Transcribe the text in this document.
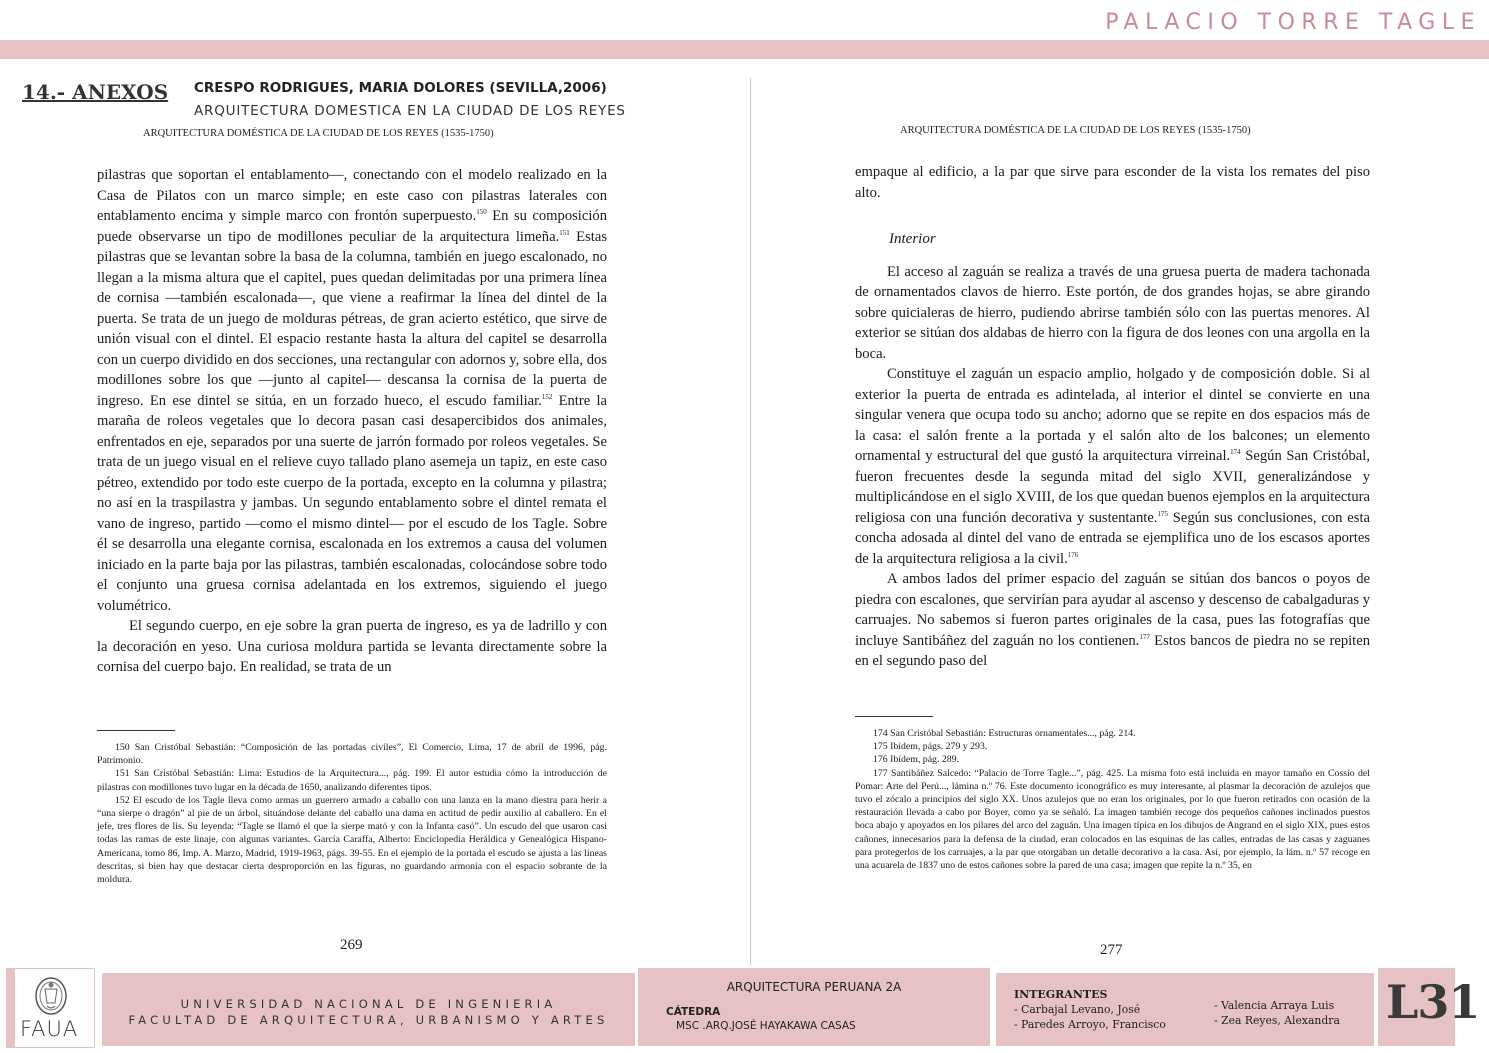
PALACIO TORRE TAGLE
14.- ANEXOS CRESPO RODRIGUES, MARIA DOLORES (SEVILLA,2006)
ARQUITECTURA DOMESTICA EN LA CIUDAD DE LOS REYES
ARQUITECTURA DOMÉSTICA DE LA CIUDAD DE LOS REYES (1535-1750)

pilastras que soportan el entablamento—, conectando con el modelo realizado en la Casa de Pilatos con un marco simple; en este caso con pilastras laterales con entablamento encima y simple marco con frontón superpuesto.$^{150}$ En su composición puede observarse un tipo de modillones peculiar de la arquitectura limeña.$^{151}$ Estas pilastras que se levantan sobre la basa de la columna, también en juego escalonado, no llegan a la misma altura que el capitel, pues quedan delimitadas por una primera línea de cornisa —también escalonada—, que viene a reafirmar la línea del dintel de la puerta. Se trata de un juego de molduras pétreas, de gran acierto estético, que sirve de unión visual con el dintel. El espacio restante hasta la altura del capitel se desarrolla con un cuerpo dividido en dos secciones, una rectangular con adornos y, sobre ella, dos modillones sobre los que —junto al capitel— descansa la cornisa de la puerta de ingreso. En ese dintel se sitúa, en un forzado hueco, el escudo familiar.$^{152}$ Entre la maraña de roleos vegetales que lo decora pasan casi desapercibidos dos animales, enfrentados en eje, separados por una suerte de jarrón formado por roleos vegetales. Se trata de un juego visual en el relieve cuyo tallado plano asemeja un tapiz, en este caso pétreo, extendido por todo este cuerpo de la portada, excepto en la columna y pilastra; no así en la traspilastra y jambas. Un segundo entablamento sobre el dintel remata el vano de ingreso, partido —como el mismo dintel— por el escudo de los Tagle. Sobre él se desarrolla una elegante cornisa, escalonada en los extremos a causa del volumen iniciado en la parte baja por las pilastras, también escalonadas, colocándose sobre todo el conjunto una gruesa cornisa adelantada en los extremos, siguiendo el juego volumétrico.

El segundo cuerpo, en eje sobre la gran puerta de ingreso, es ya de ladrillo y con la decoración en yeso. Una curiosa moldura partida se levanta directamente sobre la cornisa del cuerpo bajo. En realidad, se trata de un

150 San Cristóbal Sebastián: “Composición de las portadas civiles”, El Comercio, Lima, 17 de abril de 1996, pág. Patrimonio.

151 San Cristóbal Sebastián: Lima: Estudios de la Arquitectura..., pág. 199. El autor estudia cómo la introducción de pilastras con modillones tuvo lugar en la década de 1650, analizando diferentes tipos.

152 El escudo de los Tagle lleva como armas un guerrero armado a caballo con una lanza en la mano diestra para herir a “una sierpe o dragón” al pie de un árbol, situándose delante del caballo una dama en actitud de pedir auxilio al caballero. En el jefe, tres flores de lis. Su leyenda: “Tagle se llamó el que la sierpe mató y con la Infanta casó”. Un escudo del que usaron casi todas las ramas de este linaje, con algunas variantes. García Caraffa, Alberto: Enciclopedia Heráldica y Genealógica Hispano-Americana, tomo 86, Imp. A. Marzo, Madrid, 1919-1963, págs. 39-55. En el ejemplo de la portada el escudo se ajusta a las líneas descritas, si bien hay que destacar cierta desproporción en las figuras, no guardando armonía con el espacio sobrante de la moldura.

269
ARQUITECTURA DOMÉSTICA DE LA CIUDAD DE LOS REYES (1535-1750)

empaque al edificio, a la par que sirve para esconder de la vista los remates del piso alto.

Interior

El acceso al zaguán se realiza a través de una gruesa puerta de madera tachonada de ornamentados clavos de hierro. Este portón, de dos grandes hojas, se abre girando sobre quicialeras de hierro, pudiendo abrirse también sólo con las puertas menores. Al exterior se sitúan dos aldabas de hierro con la figura de dos leones con una argolla en la boca.

Constituye el zaguán un espacio amplio, holgado y de composición doble. Si al exterior la puerta de entrada es adintelada, al interior el dintel se convierte en una singular venera que ocupa todo su ancho; adorno que se repite en dos espacios más de la casa: el salón frente a la portada y el salón alto de los balcones; un elemento ornamental y estructural del que gustó la arquitectura virreinal.$^{174}$ Según San Cristóbal, fueron frecuentes desde la segunda mitad del siglo XVII, generalizándose y multiplicándose en el siglo XVIII, de los que quedan buenos ejemplos en la arquitectura religiosa con una función decorativa y sustentante.$^{175}$ Según sus conclusiones, con esta concha adosada al dintel del vano de entrada se ejemplifica uno de los escasos aportes de la arquitectura religiosa a la civil.$^{176}$

A ambos lados del primer espacio del zaguán se sitúan dos bancos o poyos de piedra con escalones, que servirían para ayudar al ascenso y descenso de cabalgaduras y carruajes. No sabemos si fueron partes originales de la casa, pues las fotografías que incluye Santibáñez del zaguán no los contienen.$^{177}$ Estos bancos de piedra no se repiten en el segundo paso del

174 San Cristóbal Sebastián: Estructuras ornamentales..., pág. 214.

175 Ibídem, págs. 279 y 293.

176 Ibídem, pág. 289.

177 Santibáñez Salcedo: “Palacio de Torre Tagle...”, pág. 425. La misma foto está incluida en mayor tamaño en Cossío del Pomar: Arte del Perú..., lámina n.º 76. Este documento iconográfico es muy interesante, al plasmar la decoración de azulejos que tuvo el zócalo a principios del siglo XX. Unos azulejos que no eran los originales, por lo que fueron retirados con ocasión de la restauración llevada a cabo por Boyer, como ya se señaló. La imagen también recoge dos pequeños cañones inclinados puestos boca abajo y apoyados en los pilares del arco del zaguán. Una imagen típica en los dibujos de Angrand en el siglo XIX, pues estos cañones, innecesarios para la defensa de la ciudad, eran colocados en las esquinas de las calles, entradas de las casas y zaguanes para protegerlos de los carruajes, a la par que otorgaban un detalle decorativo a la casa. Así, por ejemplo, la lám. n.º 57 recoge en una acuarela de 1837 uno de estos cañones sobre la pared de una casa; imagen que repite la n.º 35, en

277
FAUA
UNIVERSIDAD NACIONAL DE INGENIERIA
FACULTAD DE ARQUITECTURA, URBANISMO Y ARTES
ARQUITECTURA PERUANA 2A
CÁTEDRA
MSC .ARQ.JOSÉ HAYAKAWA CASAS
INTEGRANTES
- Carbajal Levano, José
- Paredes Arroyo, Francisco
- Valencia Arraya Luis
- Zea Reyes, Alexandra L31
